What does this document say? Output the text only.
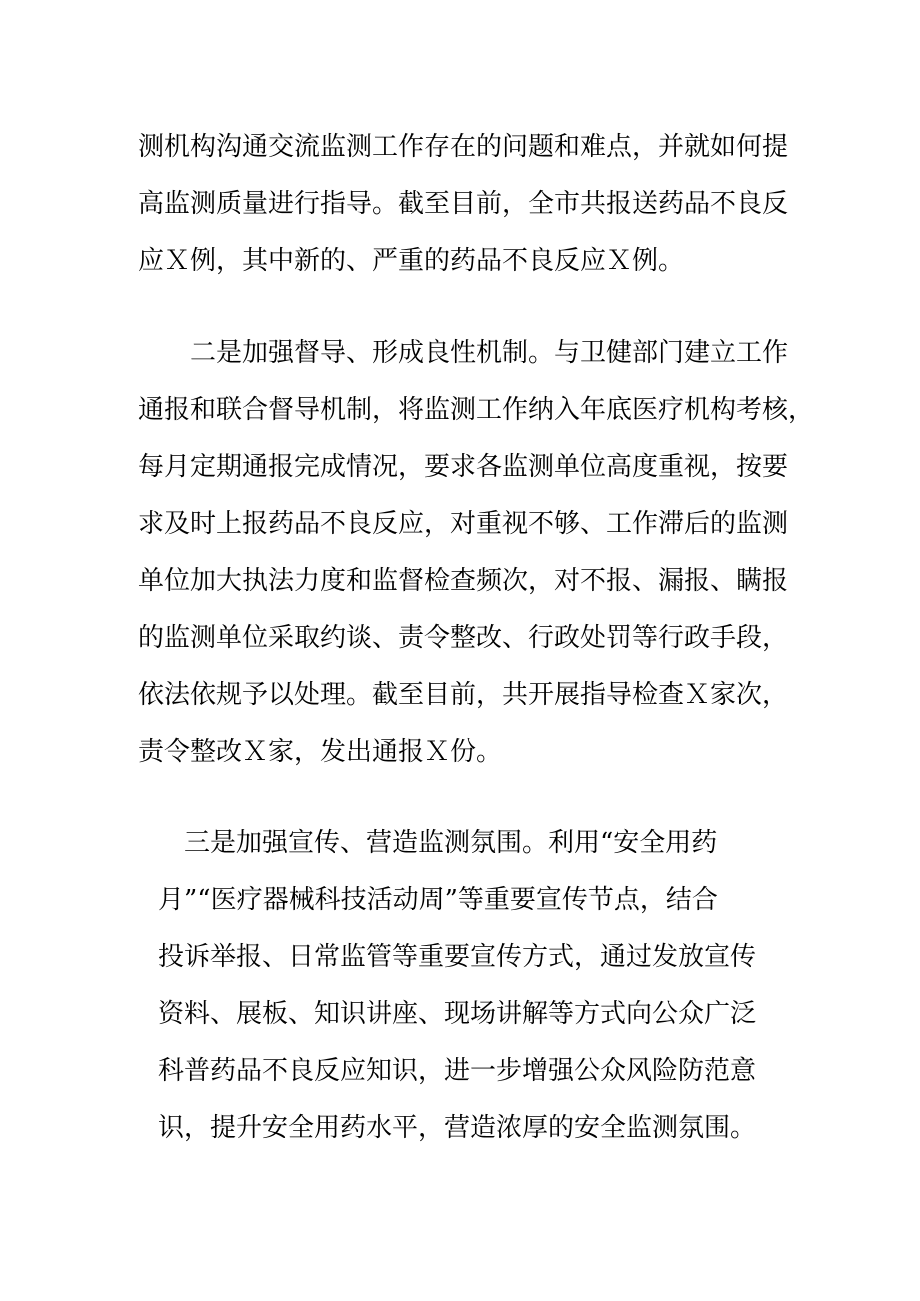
测机构沟通交流监测工作存在的问题和难点，并就如何提

高监测质量进行指导。截至目前，全市共报送药品不良反

应Ｘ例，其中新的、严重的药品不良反应Ｘ例。

二是加强督导、形成良性机制。与卫健部门建立工作

通报和联合督导机制，将监测工作纳入年底医疗机构考核，

每月定期通报完成情况，要求各监测单位高度重视，按要

求及时上报药品不良反应，对重视不够、工作滞后的监测

单位加大执法力度和监督检查频次，对不报、漏报、瞒报

的监测单位采取约谈、责令整改、行政处罚等行政手段，

依法依规予以处理。截至目前，共开展指导检查Ｘ家次，

责令整改Ｘ家，发出通报Ｘ份。

三是加强宣传、营造监测氛围。利用“安全用药

月”“医疗器械科技活动周”等重要宣传节点，结合

投诉举报、日常监管等重要宣传方式，通过发放宣传

资料、展板、知识讲座、现场讲解等方式向公众广泛

科普药品不良反应知识，进一步增强公众风险防范意

识，提升安全用药水平，营造浓厚的安全监测氛围。
